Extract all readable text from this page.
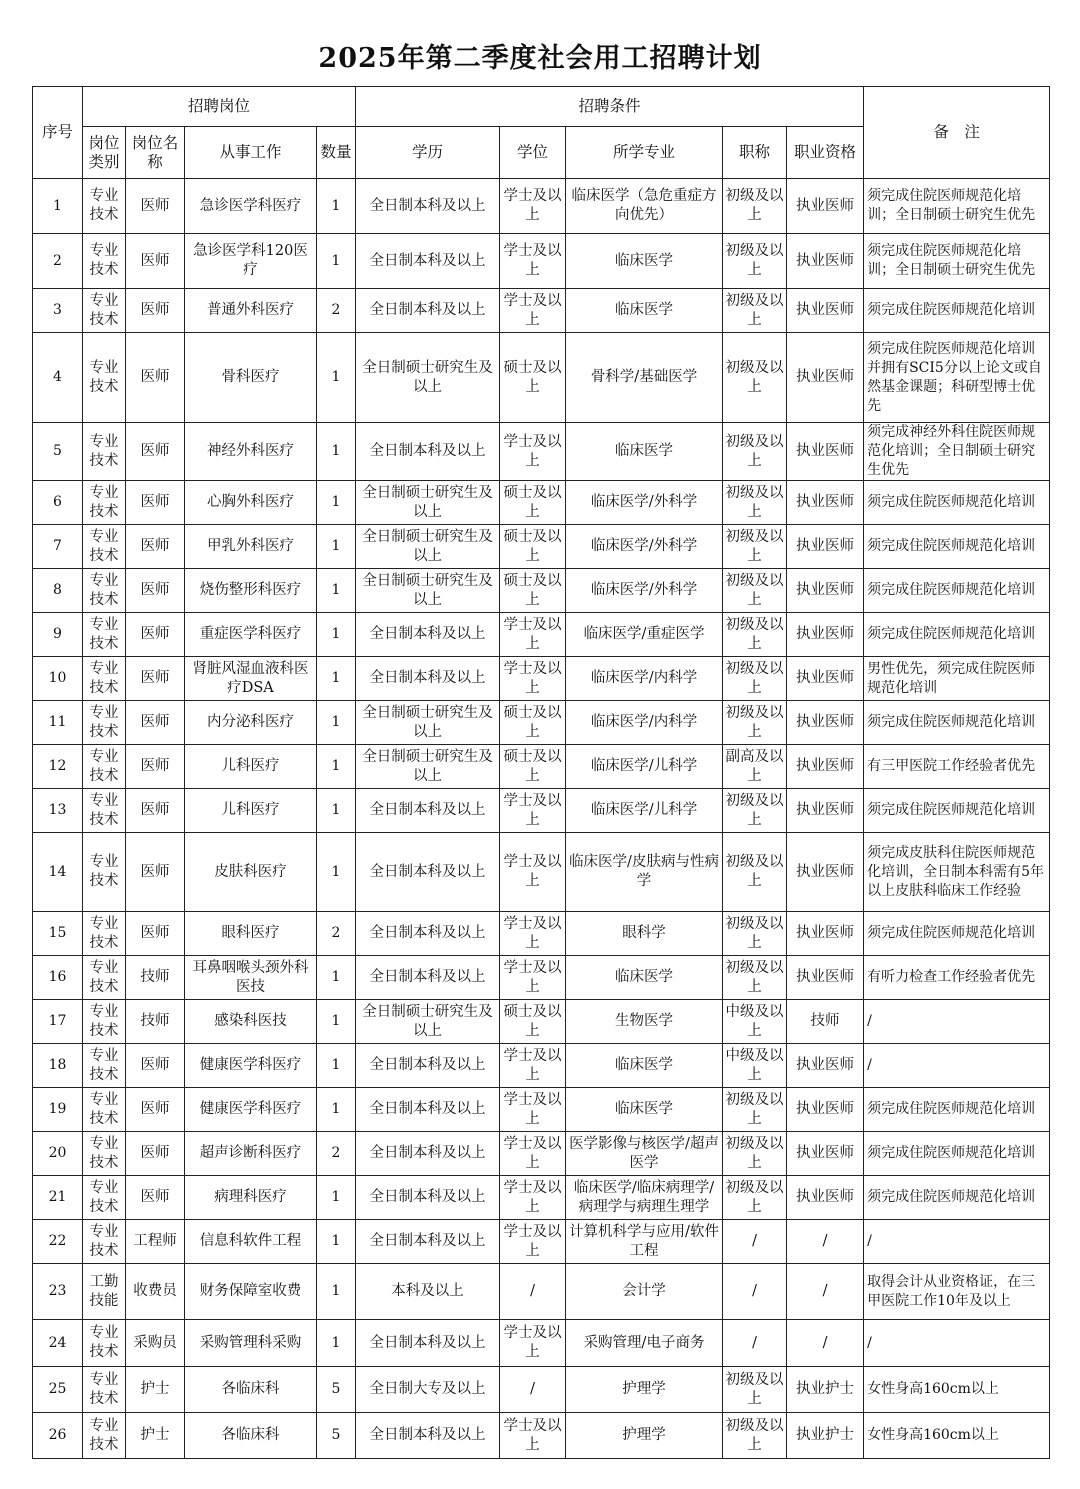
2025年第二季度社会用工招聘计划
序号	招聘岗位				招聘条件					备　注
	岗位类别	岗位名称	从事工作	数量	学历	学位	所学专业	职称	职业资格	
1	专业技术	医师	急诊医学科医疗	1	全日制本科及以上	学士及以上	临床医学（急危重症方向优先）	初级及以上	执业医师	须完成住院医师规范化培训；全日制硕士研究生优先
2	专业技术	医师	急诊医学科120医疗	1	全日制本科及以上	学士及以上	临床医学	初级及以上	执业医师	须完成住院医师规范化培训；全日制硕士研究生优先
3	专业技术	医师	普通外科医疗	2	全日制本科及以上	学士及以上	临床医学	初级及以上	执业医师	须完成住院医师规范化培训
4	专业技术	医师	骨科医疗	1	全日制硕士研究生及以上	硕士及以上	骨科学/基础医学	初级及以上	执业医师	须完成住院医师规范化培训并拥有SCI5分以上论文或自然基金课题；科研型博士优先
5	专业技术	医师	神经外科医疗	1	全日制本科及以上	学士及以上	临床医学	初级及以上	执业医师	须完成神经外科住院医师规范化培训；全日制硕士研究生优先
6	专业技术	医师	心胸外科医疗	1	全日制硕士研究生及以上	硕士及以上	临床医学/外科学	初级及以上	执业医师	须完成住院医师规范化培训
7	专业技术	医师	甲乳外科医疗	1	全日制硕士研究生及以上	硕士及以上	临床医学/外科学	初级及以上	执业医师	须完成住院医师规范化培训
8	专业技术	医师	烧伤整形科医疗	1	全日制硕士研究生及以上	硕士及以上	临床医学/外科学	初级及以上	执业医师	须完成住院医师规范化培训
9	专业技术	医师	重症医学科医疗	1	全日制本科及以上	学士及以上	临床医学/重症医学	初级及以上	执业医师	须完成住院医师规范化培训
10	专业技术	医师	肾脏风湿血液科医疗DSA	1	全日制本科及以上	学士及以上	临床医学/内科学	初级及以上	执业医师	男性优先，须完成住院医师规范化培训
11	专业技术	医师	内分泌科医疗	1	全日制硕士研究生及以上	硕士及以上	临床医学/内科学	初级及以上	执业医师	须完成住院医师规范化培训
12	专业技术	医师	儿科医疗	1	全日制硕士研究生及以上	硕士及以上	临床医学/儿科学	副高及以上	执业医师	有三甲医院工作经验者优先
13	专业技术	医师	儿科医疗	1	全日制本科及以上	学士及以上	临床医学/儿科学	初级及以上	执业医师	须完成住院医师规范化培训
14	专业技术	医师	皮肤科医疗	1	全日制本科及以上	学士及以上	临床医学/皮肤病与性病学	初级及以上	执业医师	须完成皮肤科住院医师规范化培训，全日制本科需有5年以上皮肤科临床工作经验
15	专业技术	医师	眼科医疗	2	全日制本科及以上	学士及以上	眼科学	初级及以上	执业医师	须完成住院医师规范化培训
16	专业技术	技师	耳鼻咽喉头颈外科医技	1	全日制本科及以上	学士及以上	临床医学	初级及以上	执业医师	有听力检查工作经验者优先
17	专业技术	技师	感染科医技	1	全日制硕士研究生及以上	硕士及以上	生物医学	中级及以上	技师	/
18	专业技术	医师	健康医学科医疗	1	全日制本科及以上	学士及以上	临床医学	中级及以上	执业医师	/
19	专业技术	医师	健康医学科医疗	1	全日制本科及以上	学士及以上	临床医学	初级及以上	执业医师	须完成住院医师规范化培训
20	专业技术	医师	超声诊断科医疗	2	全日制本科及以上	学士及以上	医学影像与核医学/超声医学	初级及以上	执业医师	须完成住院医师规范化培训
21	专业技术	医师	病理科医疗	1	全日制本科及以上	学士及以上	临床医学/临床病理学/病理学与病理生理学	初级及以上	执业医师	须完成住院医师规范化培训
22	专业技术	工程师	信息科软件工程	1	全日制本科及以上	学士及以上	计算机科学与应用/软件工程	/	/	/
23	工勤技能	收费员	财务保障室收费	1	本科及以上	/	会计学	/	/	取得会计从业资格证，在三甲医院工作10年及以上
24	专业技术	采购员	采购管理科采购	1	全日制本科及以上	学士及以上	采购管理/电子商务	/	/	/
25	专业技术	护士	各临床科	5	全日制大专及以上	/	护理学	初级及以上	执业护士	女性身高160cm以上
26	专业技术	护士	各临床科	5	全日制本科及以上	学士及以上	护理学	初级及以上	执业护士	女性身高160cm以上
